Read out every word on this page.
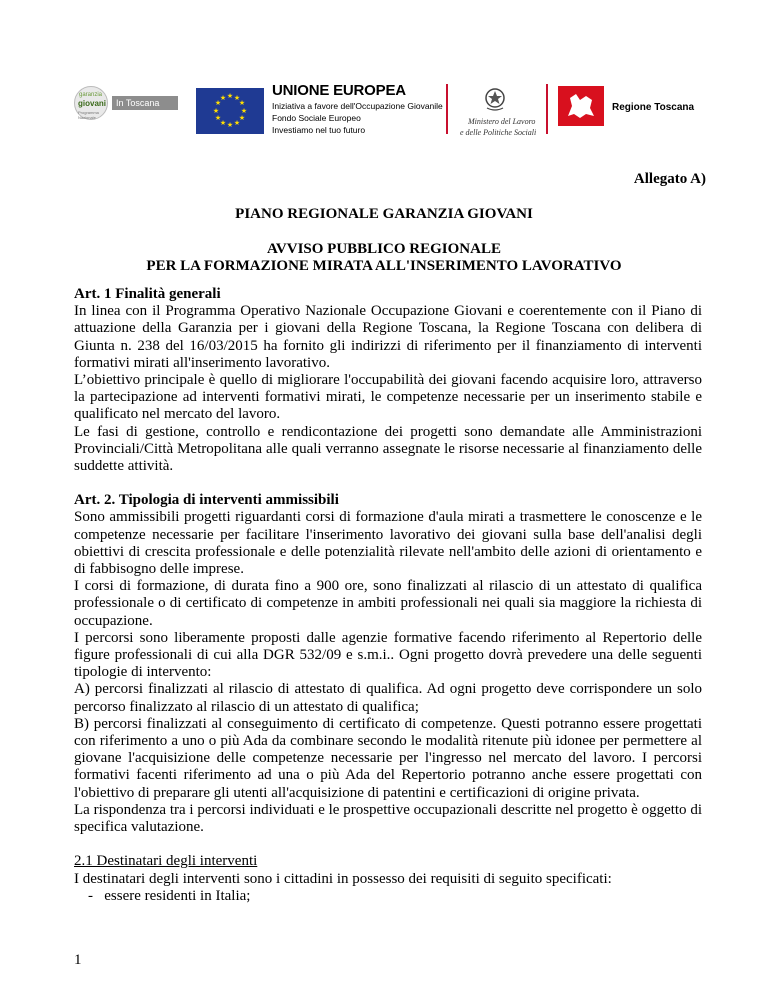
garanzia
giovani
Programma Nazionale
In Toscana
★ ★
★
★
★
★
★
★
★
★
★
★	UNIONE EUROPEA
Iniziativa a favore dell'Occupazione Giovanile
Fondo Sociale Europeo
Investiamo nel tuo futuro
Ministero del Lavoro
e delle Politiche Sociali
Regione Toscana
Allegato A)
PIANO REGIONALE GARANZIA GIOVANI
AVVISO PUBBLICO REGIONALE
PER LA FORMAZIONE MIRATA ALL'INSERIMENTO LAVORATIVO
Art. 1 Finalità generali

In linea con il Programma Operativo Nazionale Occupazione Giovani e coerentemente con il Piano di attuazione della Garanzia per i giovani della Regione Toscana, la Regione Toscana con delibera di Giunta n. 238 del 16/03/2015 ha fornito gli indirizzi di riferimento per il finanziamento di interventi formativi mirati all'inserimento lavorativo.

L’obiettivo principale è quello di migliorare l'occupabilità dei giovani facendo acquisire loro, attraverso la partecipazione ad interventi formativi mirati, le competenze necessarie per un inserimento stabile e qualificato nel mercato del lavoro.

Le fasi di gestione, controllo e rendicontazione dei progetti sono demandate alle Amministrazioni Provinciali/Città Metropolitana alle quali verranno assegnate le risorse necessarie al finanziamento delle suddette attività.

Art. 2. Tipologia di interventi ammissibili

Sono ammissibili progetti riguardanti corsi di formazione d'aula mirati a trasmettere le conoscenze e le competenze necessarie per facilitare l'inserimento lavorativo dei giovani sulla base dell'analisi degli obiettivi di crescita professionale e delle potenzialità rilevate nell'ambito delle azioni di orientamento e di fabbisogno delle imprese.

I corsi di formazione, di durata fino a 900 ore, sono finalizzati al rilascio di un attestato di qualifica professionale o di certificato di competenze in ambiti professionali nei quali sia maggiore la richiesta di occupazione.

I percorsi sono liberamente proposti dalle agenzie formative facendo riferimento al Repertorio delle figure professionali di cui alla DGR 532/09 e s.m.i.. Ogni progetto dovrà prevedere una delle seguenti tipologie di intervento:

A) percorsi finalizzati al rilascio di attestato di qualifica. Ad ogni progetto deve corrispondere un solo percorso finalizzato al rilascio di un attestato di qualifica;

B) percorsi finalizzati al conseguimento di certificato di competenze. Questi potranno essere progettati con riferimento a uno o più Ada da combinare secondo le modalità ritenute più idonee per permettere al giovane l'acquisizione delle competenze necessarie per l'ingresso nel mercato del lavoro. I percorsi formativi facenti riferimento ad una o più Ada del Repertorio potranno anche essere progettati con l'obiettivo di preparare gli utenti all'acquisizione di patentini e certificazioni di origine privata.

La rispondenza tra i percorsi individuati e le prospettive occupazionali descritte nel progetto è oggetto di specifica valutazione.

2.1 Destinatari degli interventi

I destinatari degli interventi sono i cittadini in possesso dei requisiti di seguito specificati:

-   essere residenti in Italia;
1
